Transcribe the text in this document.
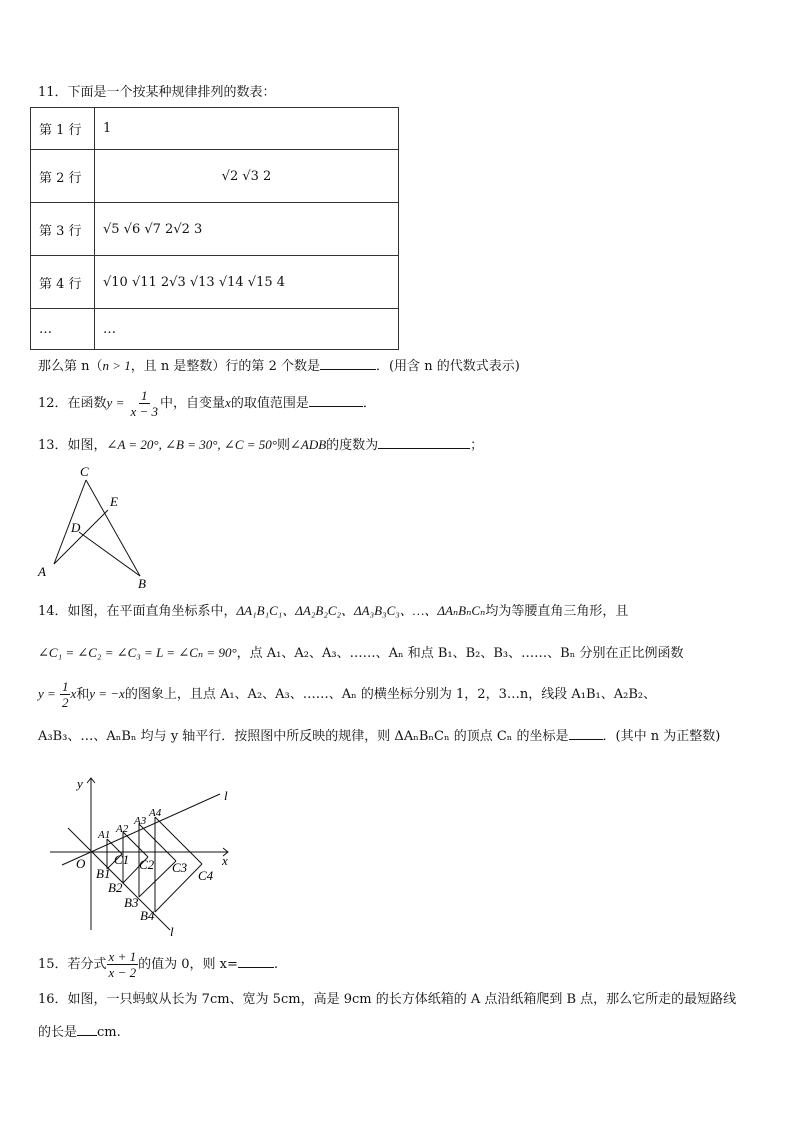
11．下面是一个按某种规律排列的数表：
第 1 行	1
第 2 行	√2 √3 2
第 3 行	√5 √6 √7 2√2 3
第 4 行	√10 √11 2√3 √13 √14 √15 4
…	…
那么第 n（n > 1，且 n 是整数）行的第 2 个数是	．(用含 n 的代数式表示)
12．在函数$y = \frac{1}{x - 3}$ 中，自变量x的取值范围是	．
13．如图，∠A = 20°, ∠B = 30°, ∠C = 50°则∠ADB的度数为	；
C
E
D
A
B
14．如图，在平面直角坐标系中，ΔA₁B₁C₁、ΔA₂B₂C₂、ΔA₃B₃C₃、…、ΔAₙBₙCₙ均为等腰直角三角形，且
∠C₁ = ∠C₂ = ∠C₃ = L = ∠Cₙ = 90°，点 A₁、A₂、A₃、……、Aₙ 和点 B₁、B₂、B₃、……、Bₙ 分别在正比例函数
$y = \frac{1}{2}$ x和y = −x的图象上，且点 A₁、A₂、A₃、……、Aₙ 的横坐标分别为 1，2，3…n，线段 A₁B₁、A₂B₂、
A₃B₃、…、AₙBₙ 均与 y 轴平行．按照图中所反映的规律，则 ΔAₙBₙCₙ 的顶点 Cₙ 的坐标是	．(其中 n 为正整数)
y
x
O
l
l
A1 A2
A3
A4
C1 C2 C3
C4
B1
B2
B3
B4
15．若分式 $\frac{x + 1}{x - 2}$ 的值为 0，则 x=	.
16．如图，一只蚂蚁从长为 7cm、宽为 5cm，高是 9cm 的长方体纸箱的 A 点沿纸箱爬到 B 点，那么它所走的最短路线
的长是 cm.
